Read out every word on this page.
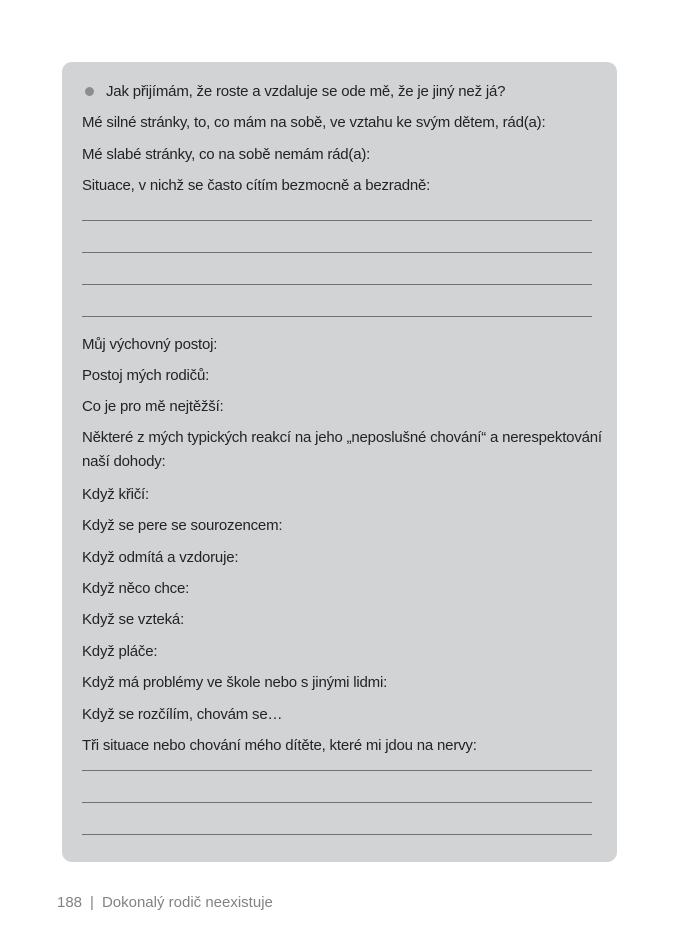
Jak přijímám, že roste a vzdaluje se ode mě, že je jiný než já?
Mé silné stránky, to, co mám na sobě, ve vztahu ke svým dětem, rád(a):
Mé slabé stránky, co na sobě nemám rád(a):
Situace, v nichž se často cítím bezmocně a bezradně:
Můj výchovný postoj:
Postoj mých rodičů:
Co je pro mě nejtěžší:
Některé z mých typických reakcí na jeho „neposlušné chování“ a nerespektování
naší dohody:
Když křičí:
Když se pere se sourozencem:
Když odmítá a vzdoruje:
Když něco chce:
Když se vzteká:
Když pláče:
Když má problémy ve škole nebo s jinými lidmi:
Když se rozčílím, chovám se…
Tři situace nebo chování mého dítěte, které mi jdou na nervy:
188 | Dokonalý rodič neexistuje
